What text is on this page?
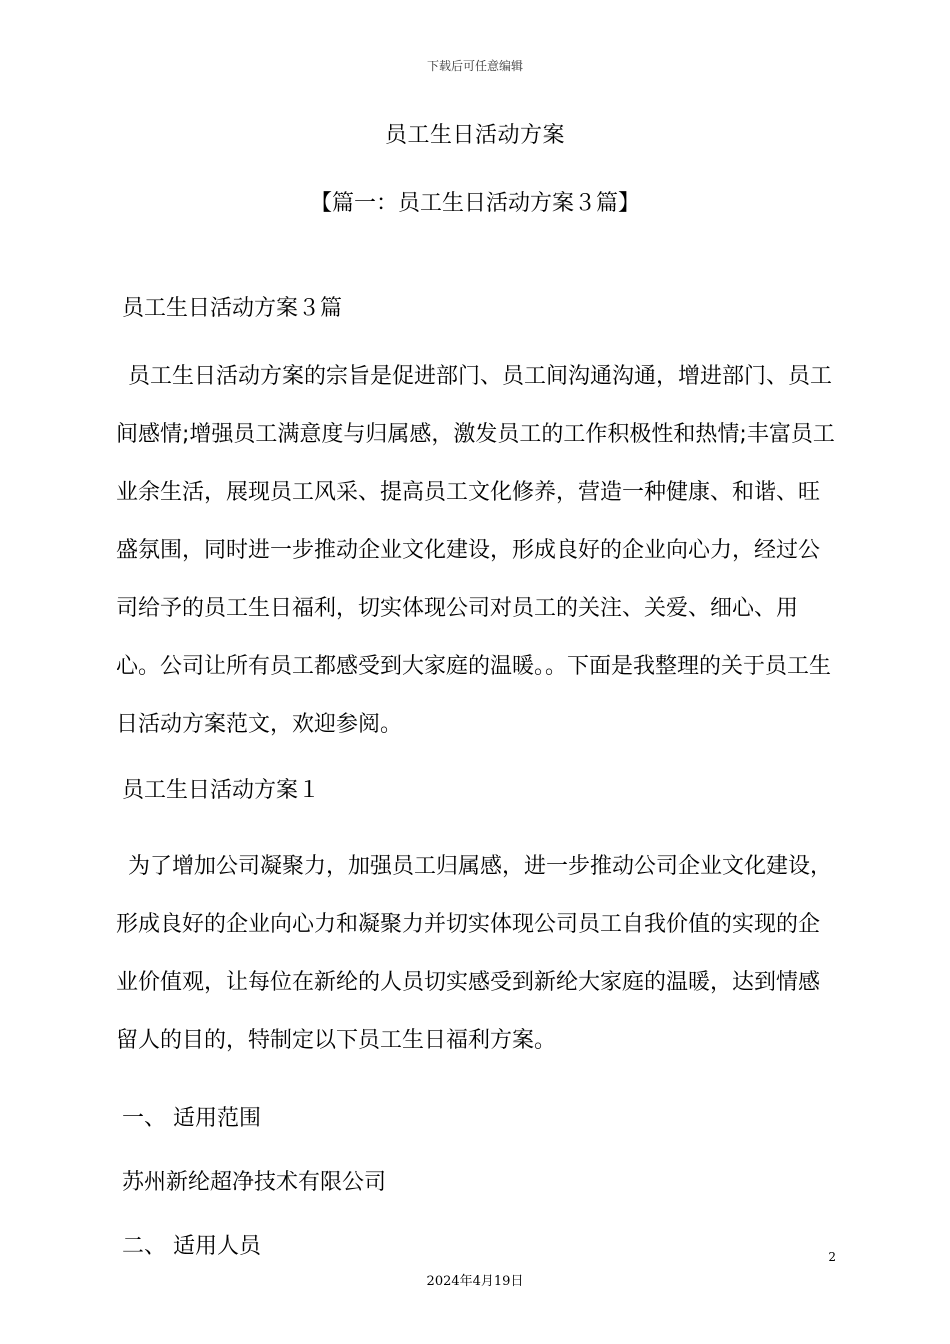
下载后可任意编辑
员工生日活动方案
【篇一：员工生日活动方案３篇】

员工生日活动方案３篇

员工生日活动方案的宗旨是促进部门、员工间沟通沟通，增进部门、员工间感情;增强员工满意度与归属感，激发员工的工作积极性和热情;丰富员工业余生活，展现员工风采、提高员工文化修养，营造一种健康、和谐、旺盛氛围，同时进一步推动企业文化建设，形成良好的企业向心力，经过公司给予的员工生日福利，切实体现公司对员工的关注、关爱、细心、用心。公司让所有员工都感受到大家庭的温暖。。下面是我整理的关于员工生日活动方案范文，欢迎参阅。

员工生日活动方案１

为了增加公司凝聚力，加强员工归属感，进一步推动公司企业文化建设，形成良好的企业向心力和凝聚力并切实体现公司员工自我价值的实现的企业价值观，让每位在新纶的人员切实感受到新纶大家庭的温暖，达到情感留人的目的，特制定以下员工生日福利方案。

一、 适用范围

苏州新纶超净技术有限公司

二、 适用人员	2
2024年4月19日
